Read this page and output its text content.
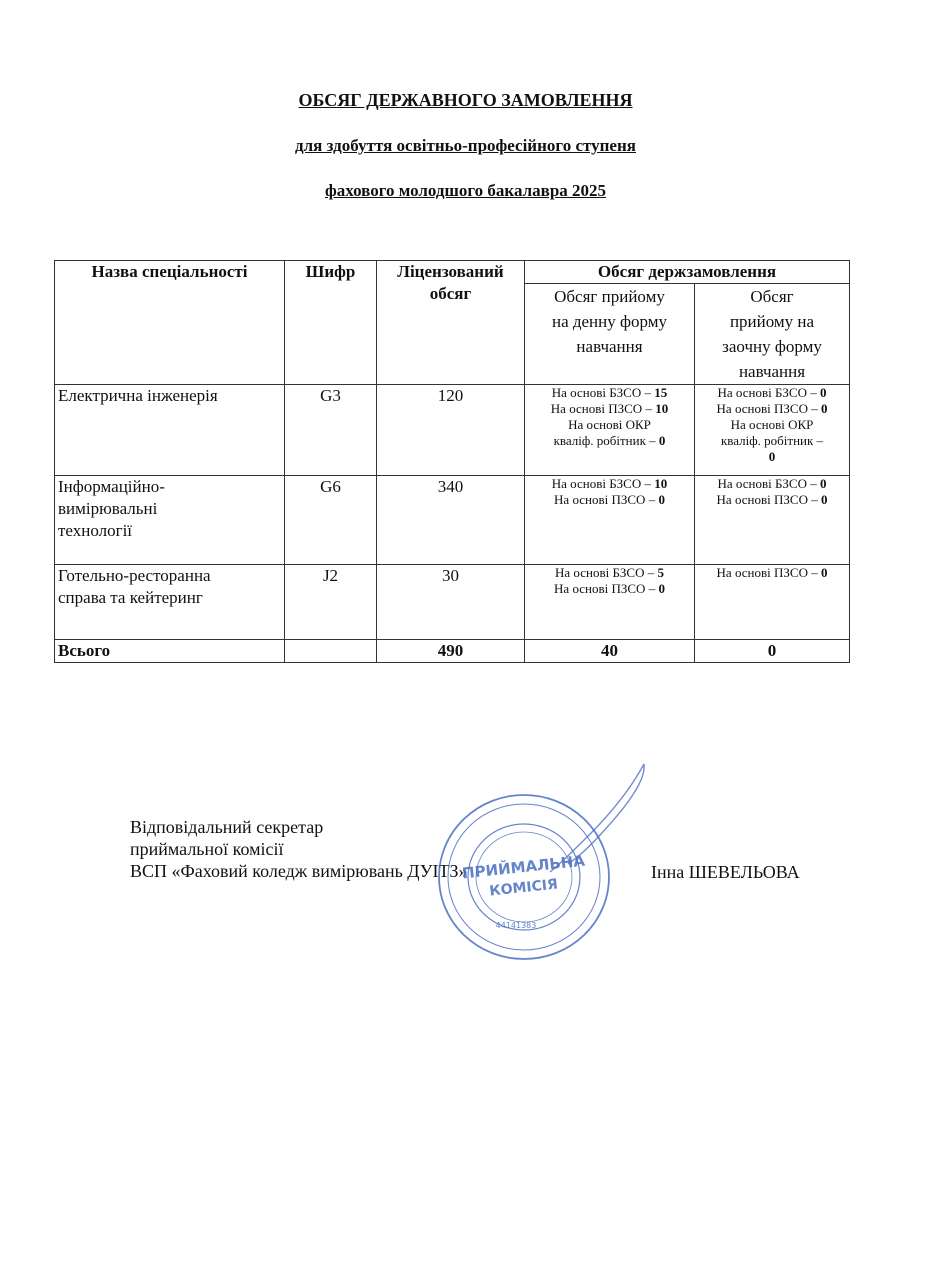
ОБСЯГ ДЕРЖАВНОГО ЗАМОВЛЕННЯ
для здобуття освітньо-професійного ступеня
фахового молодшого бакалавра 2025
Назва спеціальності	Шифр	Ліцензований
обсяг	Обсяг держзамовлення	
			Обсяг прийому
на денну форму
навчання	Обсяг
прийому на
заочну форму
навчання
Електрична інженерія	G3	120	На основі БЗСО – 15
На основі ПЗСО – 10
На основі ОКР
кваліф. робітник – 0	На основі БЗСО – 0
На основі ПЗСО – 0
На основі ОКР
кваліф. робітник –
0
Інформаційно-
вимірювальні
технології	G6	340	На основі БЗСО – 10
На основі ПЗСО – 0	На основі БЗСО – 0
На основі ПЗСО – 0
Готельно-ресторанна
справа та кейтеринг	J2	30	На основі БЗСО – 5
На основі ПЗСО – 0	На основі ПЗСО – 0
Всього		490	40	0
Відповідальний секретар
приймальної комісії
ВСП «Фаховий коледж вимірювань ДУІТЗ»
ПРИЙМАЛЬНА
КОМІСІЯ
44141383
Інна ШЕВЕЛЬОВА
